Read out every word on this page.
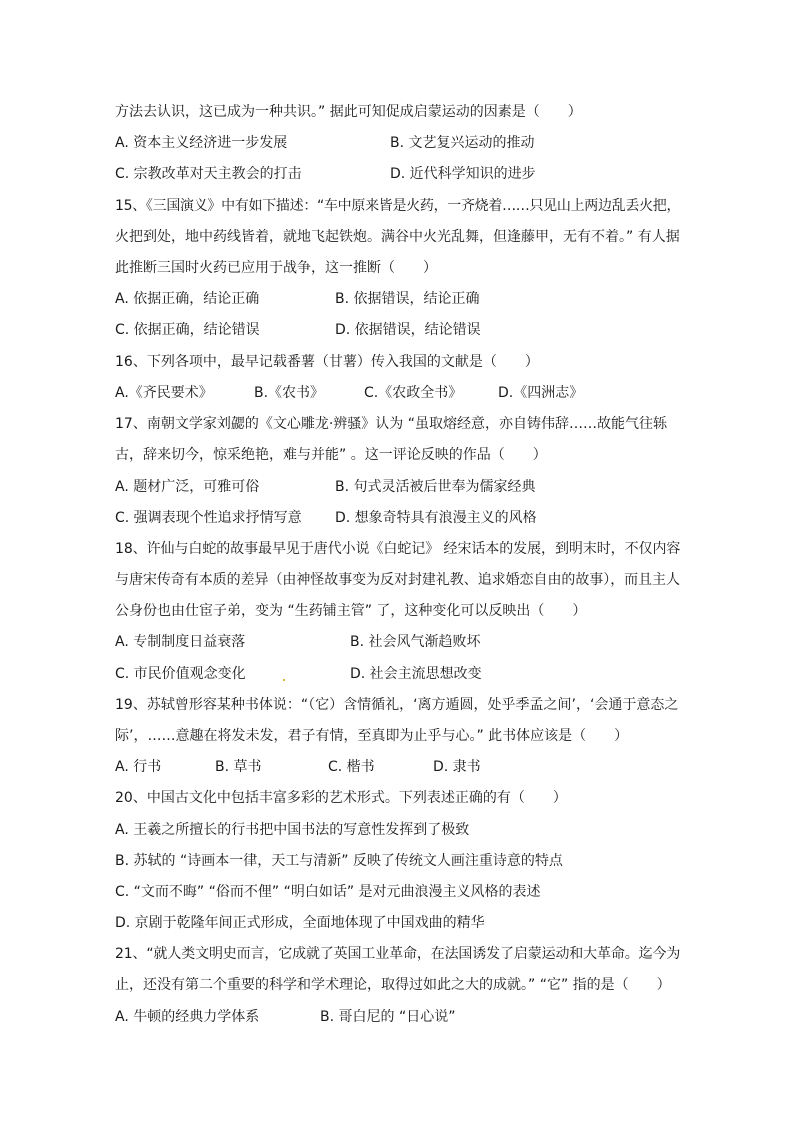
方法去认识，这已成为一种共识。” 据此可知促成启蒙运动的因素是（　　）
A. 资本主义经济进一步发展	B. 文艺复兴运动的推动
C. 宗教改革对天主教会的打击	D. 近代科学知识的进步
15、《三国演义》中有如下描述：“车中原来皆是火药，一齐烧着……只见山上两边乱丢火把，
火把到处，地中药线皆着，就地飞起铁炮。满谷中火光乱舞，但逢藤甲，无有不着。” 有人据
此推断三国时火药已应用于战争，这一推断（　　）
A. 依据正确，结论正确	B. 依据错误，结论正确
C. 依据正确，结论错误	D. 依据错误，结论错误
16、下列各项中，最早记载番薯（甘薯）传入我国的文献是（　　）
A.《齐民要术》	B.《农书》	C.《农政全书》	D.《四洲志》
17、南朝文学家刘勰的《文心雕龙·辨骚》认为 “虽取熔经意，亦自铸伟辞……故能气往轹
古，辞来切今，惊采绝艳，难与并能” 。这一评论反映的作品（　　）
A. 题材广泛，可雅可俗	B. 句式灵活被后世奉为儒家经典
C. 强调表现个性追求抒情写意 D. 想象奇特具有浪漫主义的风格
18、许仙与白蛇的故事最早见于唐代小说《白蛇记》 经宋话本的发展，到明末时，不仅内容
与唐宋传奇有本质的差异（由神怪故事变为反对封建礼教、追求婚恋自由的故事），而且主人
公身份也由仕宦子弟，变为 “生药铺主管” 了，这种变化可以反映出（　　）
A. 专制制度日益衰落	B. 社会风气渐趋败坏
C. 市民价值观念变化	D. 社会主流思想改变
19、苏轼曾形容某种书体说：“（它）含情循礼，‘离方遁圆，处乎季孟之间’，‘会通于意态之
际’，……意趣在将发未发，君子有情，至真即为止乎与心。” 此书体应该是（　　）
A. 行书	B. 草书	C. 楷书	D. 隶书
20、中国古文化中包括丰富多彩的艺术形式。下列表述正确的有（　　）
A. 王羲之所擅长的行书把中国书法的写意性发挥到了极致
B. 苏轼的 “诗画本一律，天工与清新” 反映了传统文人画注重诗意的特点
C. “文而不晦” “俗而不俚” “明白如话” 是对元曲浪漫主义风格的表述
D. 京剧于乾隆年间正式形成，全面地体现了中国戏曲的精华
21、“就人类文明史而言，它成就了英国工业革命，在法国诱发了启蒙运动和大革命。迄今为
止，还没有第二个重要的科学和学术理论，取得过如此之大的成就。” “它” 指的是（　　）
A. 牛顿的经典力学体系	B. 哥白尼的 “日心说”
